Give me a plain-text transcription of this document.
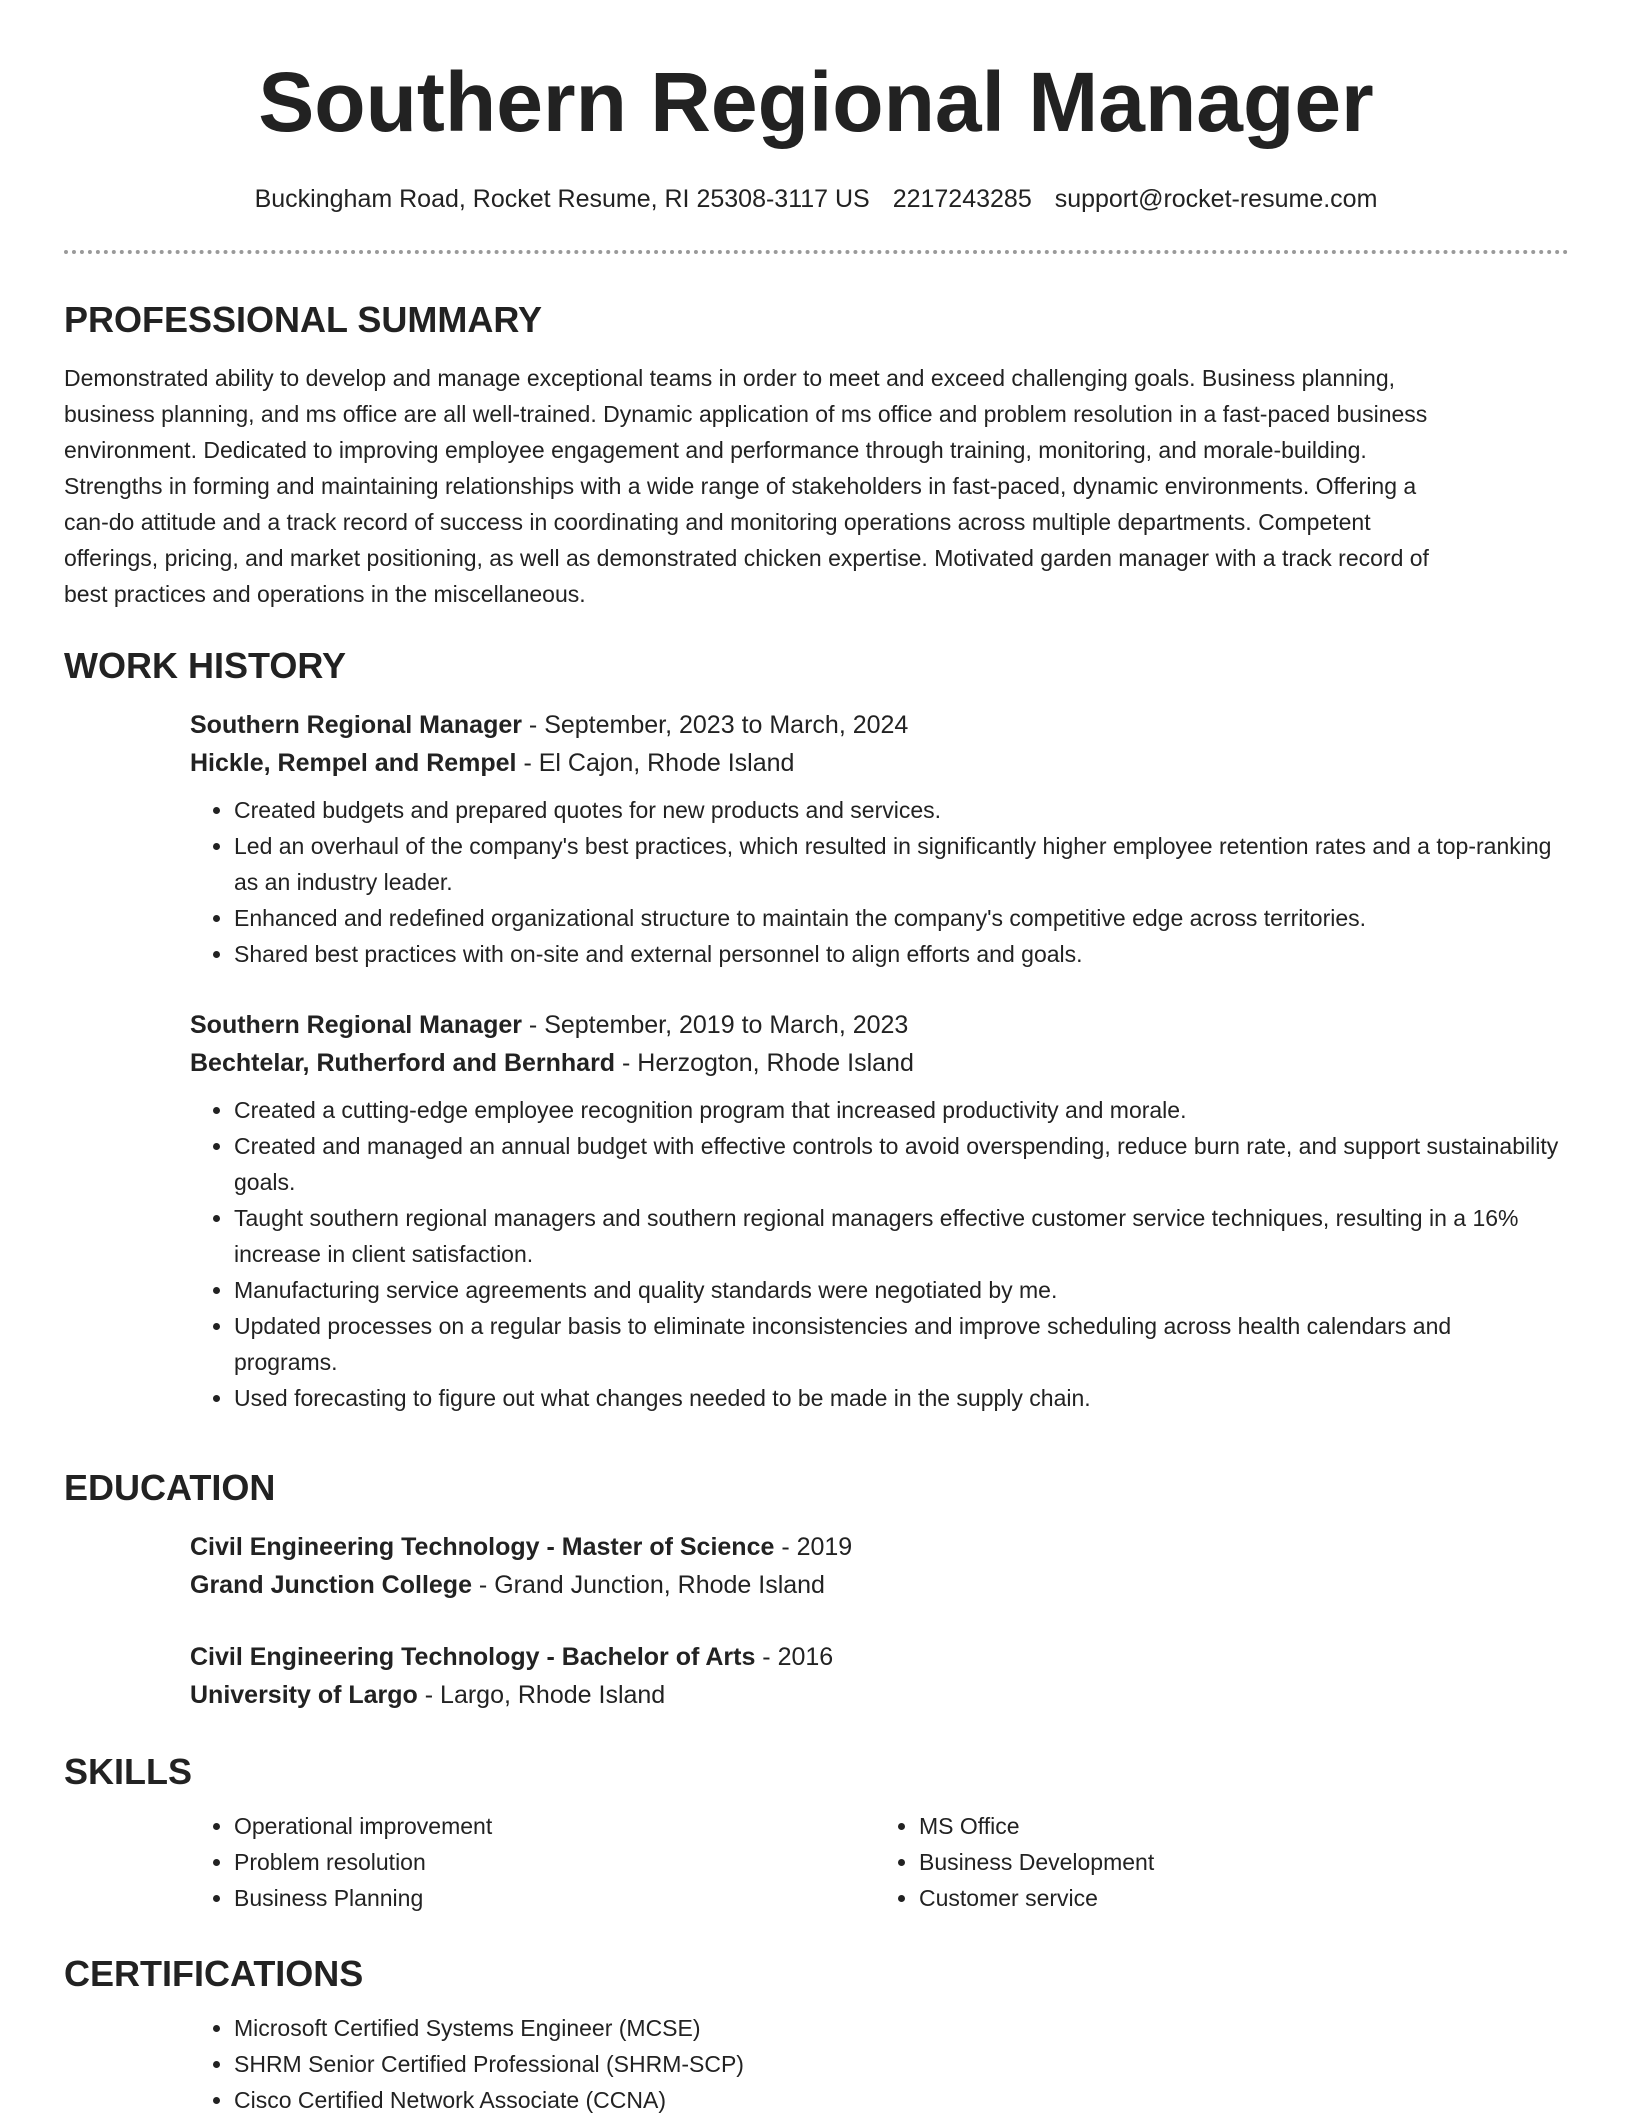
Southern Regional Manager
Buckingham Road, Rocket Resume, RI 25308-3117 US 2217243285 support@rocket-resume.com
PROFESSIONAL SUMMARY

Demonstrated ability to develop and manage exceptional teams in order to meet and exceed challenging goals. Business planning, business planning, and ms office are all well-trained. Dynamic application of ms office and problem resolution in a fast-paced business environment. Dedicated to improving employee engagement and performance through training, monitoring, and morale-building. Strengths in forming and maintaining relationships with a wide range of stakeholders in fast-paced, dynamic environments. Offering a can-do attitude and a track record of success in coordinating and monitoring operations across multiple departments. Competent offerings, pricing, and market positioning, as well as demonstrated chicken expertise. Motivated garden manager with a track record of best practices and operations in the miscellaneous.

WORK HISTORY
Southern Regional Manager - September, 2023 to March, 2024
Hickle, Rempel and Rempel - El Cajon, Rhode Island
• Created budgets and prepared quotes for new products and services.
• Led an overhaul of the company's best practices, which resulted in significantly higher employee retention rates and a top-ranking as an industry leader.
• Enhanced and redefined organizational structure to maintain the company's competitive edge across territories.
• Shared best practices with on-site and external personnel to align efforts and goals.
Southern Regional Manager - September, 2019 to March, 2023
Bechtelar, Rutherford and Bernhard - Herzogton, Rhode Island
• Created a cutting-edge employee recognition program that increased productivity and morale.
• Created and managed an annual budget with effective controls to avoid overspending, reduce burn rate, and support sustainability goals.
• Taught southern regional managers and southern regional managers effective customer service techniques, resulting in a 16% increase in client satisfaction.
• Manufacturing service agreements and quality standards were negotiated by me.
• Updated processes on a regular basis to eliminate inconsistencies and improve scheduling across health calendars and programs.
• Used forecasting to figure out what changes needed to be made in the supply chain.
EDUCATION
Civil Engineering Technology - Master of Science - 2019
Grand Junction College - Grand Junction, Rhode Island
Civil Engineering Technology - Bachelor of Arts - 2016
University of Largo - Largo, Rhode Island
SKILLS
• Operational improvement
• Problem resolution
• Business Planning
• MS Office
• Business Development
• Customer service
CERTIFICATIONS
• Microsoft Certified Systems Engineer (MCSE)
• SHRM Senior Certified Professional (SHRM-SCP)
• Cisco Certified Network Associate (CCNA)
